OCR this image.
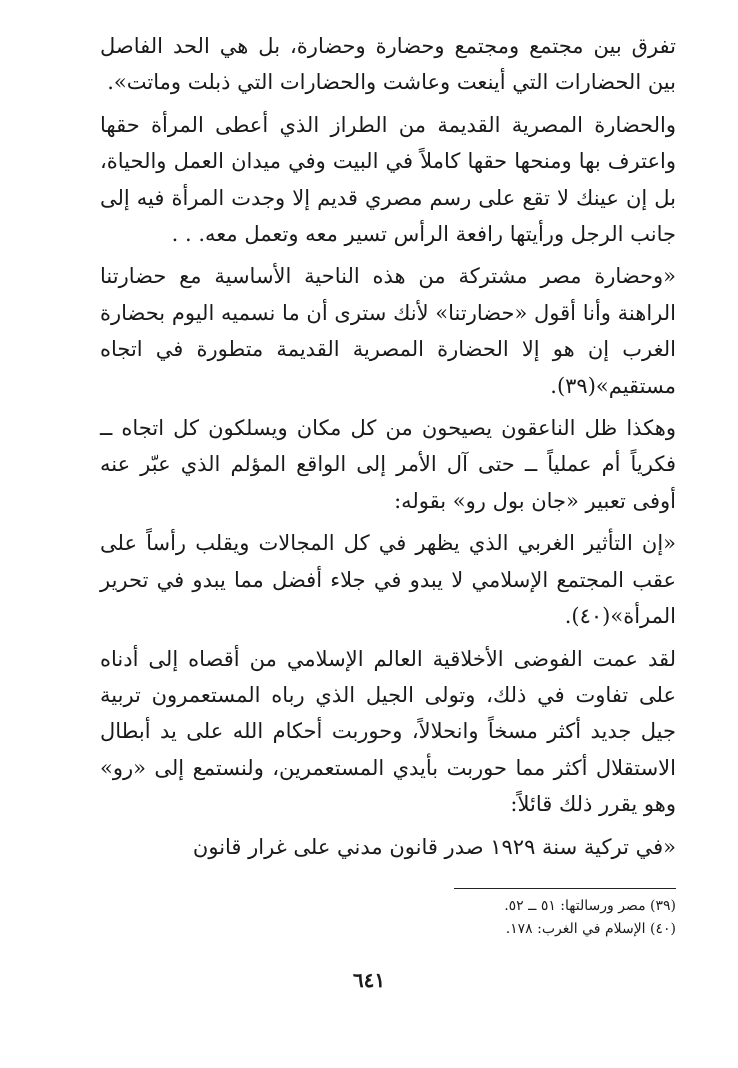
تفرق بين مجتمع ومجتمع وحضارة وحضارة، بل هي الحد الفاصل بين الحضارات التي أينعت وعاشت والحضارات التي ذبلت وماتت».

والحضارة المصرية القديمة من الطراز الذي أعطى المرأة حقها واعترف بها ومنحها حقها كاملاً في البيت وفي ميدان العمل والحياة، بل إن عينك لا تقع على رسم مصري قديم إلا وجدت المرأة فيه إلى جانب الرجل ورأيتها رافعة الرأس تسير معه وتعمل معه. . .

«وحضارة مصر مشتركة من هذه الناحية الأساسية مع حضارتنا الراهنة وأنا أقول «حضارتنا» لأنك سترى أن ما نسميه اليوم بحضارة الغرب إن هو إلا الحضارة المصرية القديمة متطورة في اتجاه مستقيم»(٣٩).

وهكذا ظل الناعقون يصيحون من كل مكان ويسلكون كل اتجاه ــ فكرياً أم عملياً ــ حتى آل الأمر إلى الواقع المؤلم الذي عبّر عنه أوفى تعبير «جان بول رو» بقوله:

«إن التأثير الغربي الذي يظهر في كل المجالات ويقلب رأساً على عقب المجتمع الإسلامي لا يبدو في جلاء أفضل مما يبدو في تحرير المرأة»(٤٠).

لقد عمت الفوضى الأخلاقية العالم الإسلامي من أقصاه إلى أدناه على تفاوت في ذلك، وتولى الجيل الذي رباه المستعمرون تربية جيل جديد أكثر مسخاً وانحلالاً، وحوربت أحكام الله على يد أبطال الاستقلال أكثر مما حوربت بأيدي المستعمرين، ولنستمع إلى «رو» وهو يقرر ذلك قائلاً:

«في تركية سنة ١٩٢٩ صدر قانون مدني على غرار قانون

(٣٩) مصر ورسالتها: ٥١ ــ ٥٢.
(٤٠) الإسلام في الغرب: ١٧٨.
٦٤١
